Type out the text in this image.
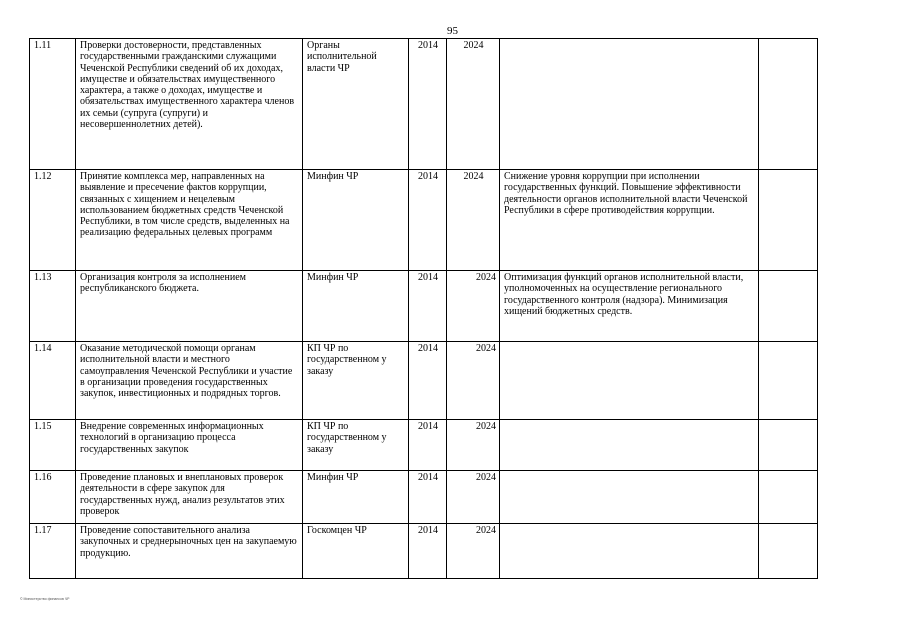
95
1.11	Проверки достоверности, представленных государственными гражданскими служащими Чеченской Республики сведений об их доходах, имуществе и обязательствах имущественного характера, а также о доходах, имуществе и обязательствах имущественного характера членов их семьи (супруга (супруги) и несовершеннолетних детей).	Органы исполнительной власти ЧР	2014	2024		
1.12	Принятие комплекса мер, направленных на выявление и пресечение фактов коррупции, связанных с хищением и нецелевым использованием бюджетных средств Чеченской Республики, в том числе средств, выделенных на реализацию федеральных целевых программ	Минфин ЧР	2014	2024	Снижение уровня коррупции при исполнении государственных функций. Повышение эффективности деятельности органов исполнительной власти Чеченской Республики в сфере противодействия коррупции.	
1.13	Организация контроля за исполнением республиканского бюджета.	Минфин ЧР	2014	2024	Оптимизация функций органов исполнительной власти, уполномоченных на осуществление регионального государственного контроля (надзора). Минимизация хищений бюджетных средств.	
1.14	Оказание методической помощи органам исполнительной власти и местного самоуправления Чеченской Республики и участие в организации проведения государственных закупок, инвестиционных и подрядных торгов.	КП ЧР по государственном у заказу	2014	2024		
1.15	Внедрение современных информационных технологий в организацию процесса государственных закупок	КП ЧР по государственном у заказу	2014	2024		
1.16	Проведение плановых и внеплановых проверок деятельности в сфере закупок для государственных нужд, анализ результатов этих проверок	Минфин ЧР	2014	2024		
1.17	Проведение сопоставительного анализа закупочных и среднерыночных цен на закупаемую продукцию.	Госкомцен ЧР	2014	2024		
© Министерство финансов ЧР
